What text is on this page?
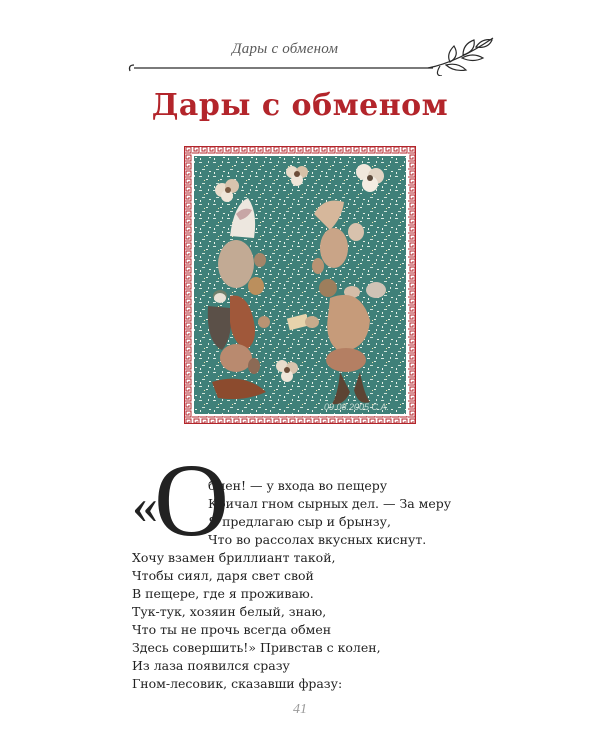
Дары с обменом
Дары с обменом
09.08.2005 С.А.
«
О
бмен! — у входа во пещеру
Кричал гном сырных дел. — За меру
Я предлагаю сыр и брынзу,
Что во рассолах вкусных киснут.
Хочу взамен бриллиант такой,
Чтобы сиял, даря свет свой
В пещере, где я проживаю.
Тук-тук, хозяин белый, знаю,
Что ты не прочь всегда обмен
Здесь совершить!» Привстав с колен,
Из лаза появился сразу
Гном-лесовик, сказавши фразу:
41
